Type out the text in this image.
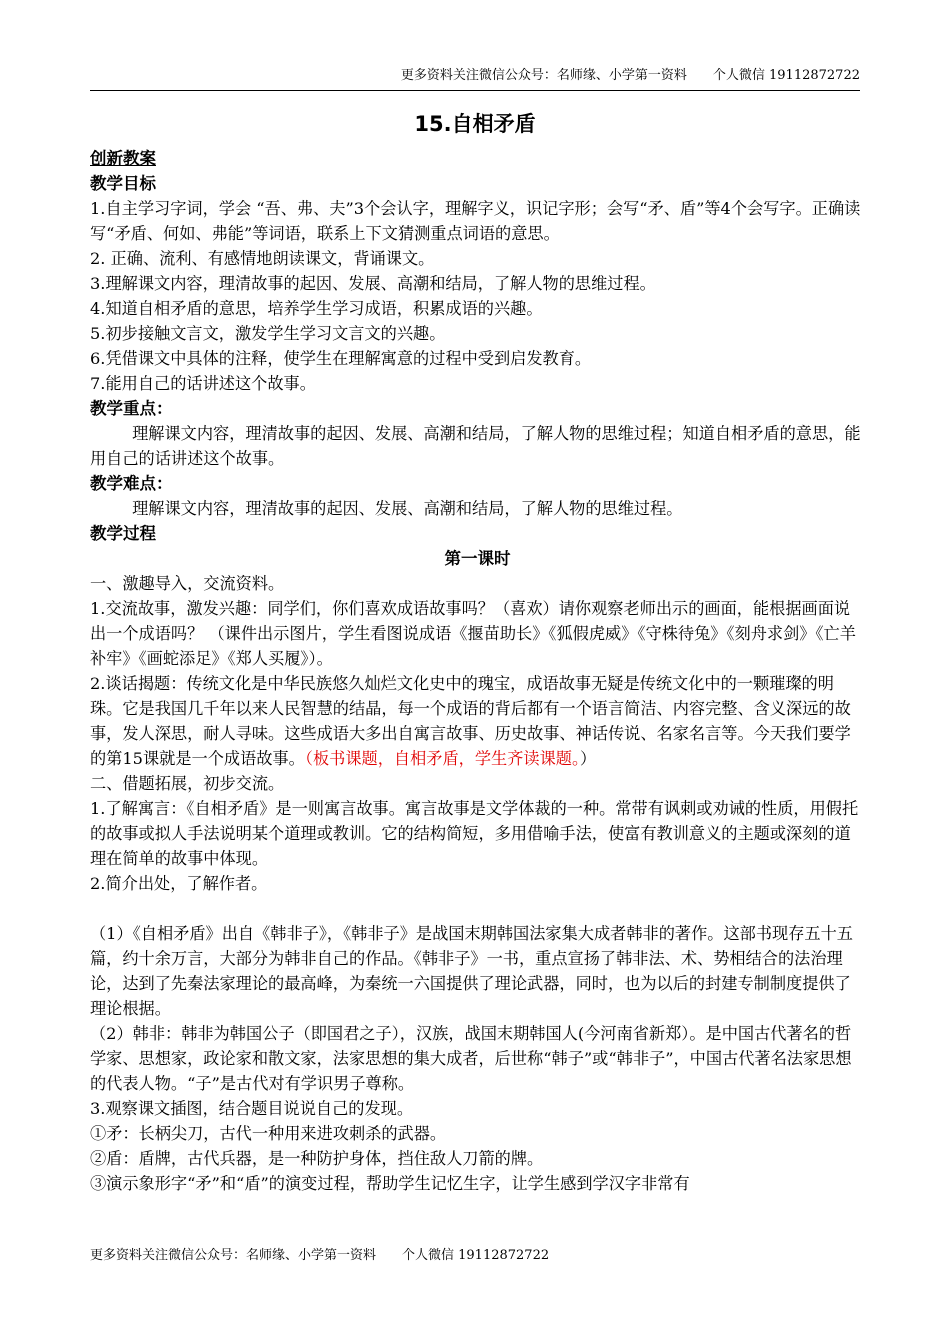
更多资料关注微信公众号：名师缘、小学第一资料　　个人微信 19112872722
15.自相矛盾

创新教案

教学目标

1.自主学习字词，学会 “吾、弗、夫”3个会认字，理解字义，识记字形；会写“矛、盾”等4个会写字。正确读写“矛盾、何如、弗能”等词语，联系上下文猜测重点词语的意思。

2. 正确、流利、有感情地朗读课文，背诵课文。

3.理解课文内容，理清故事的起因、发展、高潮和结局，了解人物的思维过程。

4.知道自相矛盾的意思，培养学生学习成语，积累成语的兴趣。

5.初步接触文言文，激发学生学习文言文的兴趣。

6.凭借课文中具体的注释，使学生在理解寓意的过程中受到启发教育。

7.能用自己的话讲述这个故事。

教学重点：

理解课文内容，理清故事的起因、发展、高潮和结局，了解人物的思维过程；知道自相矛盾的意思，能用自己的话讲述这个故事。

教学难点：

理解课文内容，理清故事的起因、发展、高潮和结局，了解人物的思维过程。

教学过程

第一课时

一、激趣导入，交流资料。

1.交流故事，激发兴趣：同学们，你们喜欢成语故事吗？（喜欢）请你观察老师出示的画面，能根据画面说出一个成语吗？ （课件出示图片，学生看图说成语《揠苗助长》《狐假虎威》《守株待兔》《刻舟求剑》《亡羊补牢》《画蛇添足》《郑人买履》）。

2.谈话揭题：传统文化是中华民族悠久灿烂文化史中的瑰宝，成语故事无疑是传统文化中的一颗璀璨的明珠。它是我国几千年以来人民智慧的结晶，每一个成语的背后都有一个语言简洁、内容完整、含义深远的故事，发人深思，耐人寻味。这些成语大多出自寓言故事、历史故事、神话传说、名家名言等。今天我们要学的第15课就是一个成语故事。（板书课题，自相矛盾，学生齐读课题。）

二、借题拓展，初步交流。

1.了解寓言：《自相矛盾》是一则寓言故事。寓言故事是文学体裁的一种。常带有讽刺或劝诫的性质，用假托的故事或拟人手法说明某个道理或教训。它的结构简短，多用借喻手法，使富有教训意义的主题或深刻的道理在简单的故事中体现。

2.简介出处，了解作者。

（1）《自相矛盾》出自《韩非子》，《韩非子》是战国末期韩国法家集大成者韩非的著作。这部书现存五十五篇，约十余万言，大部分为韩非自己的作品。《韩非子》一书，重点宣扬了韩非法、术、势相结合的法治理论，达到了先秦法家理论的最高峰，为秦统一六国提供了理论武器，同时，也为以后的封建专制制度提供了理论根据。

（2）韩非：韩非为韩国公子（即国君之子），汉族，战国末期韩国人(今河南省新郑）。是中国古代著名的哲学家、思想家，政论家和散文家，法家思想的集大成者，后世称“韩子”或“韩非子”，中国古代著名法家思想的代表人物。“子”是古代对有学识男子尊称。

3.观察课文插图，结合题目说说自己的发现。

①矛：长柄尖刀，古代一种用来进攻刺杀的武器。

②盾：盾牌，古代兵器，是一种防护身体，挡住敌人刀箭的牌。

③演示象形字“矛”和“盾”的演变过程，帮助学生记忆生字，让学生感到学汉字非常有

更多资料关注微信公众号：名师缘、小学第一资料　　个人微信 19112872722
